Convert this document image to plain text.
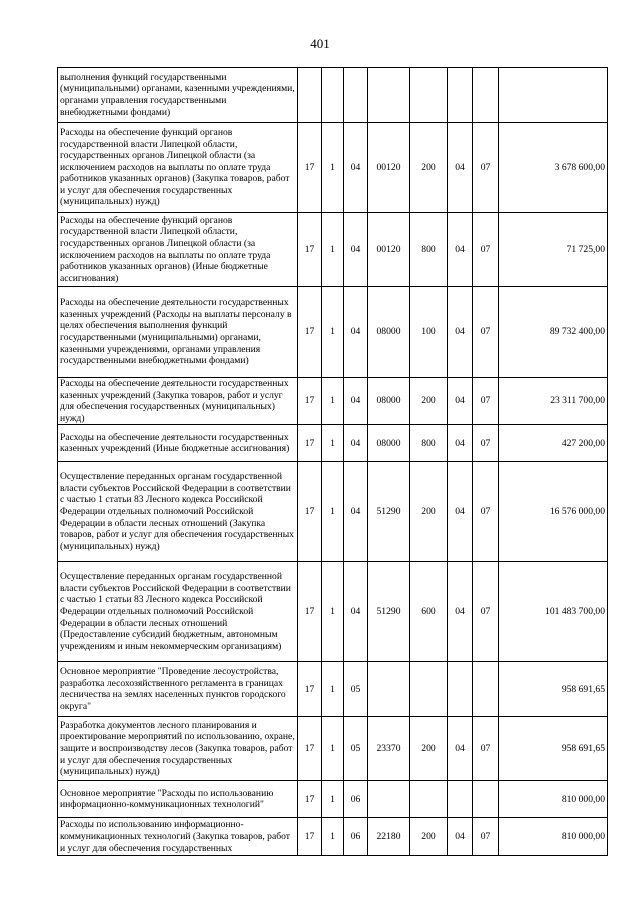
401
выполнения функций государственными (муниципальными) органами, казенными учреждениями, органами управления государственными внебюджетными фондами)								
Расходы на обеспечение функций органов государственной власти Липецкой области, государственных органов Липецкой области (за исключением расходов на выплаты по оплате труда работников указанных органов) (Закупка товаров, работ и услуг для обеспечения государственных (муниципальных) нужд)	17	1	04	00120	200	04	07	3 678 600,00
Расходы на обеспечение функций органов государственной власти Липецкой области, государственных органов Липецкой области (за исключением расходов на выплаты по оплате труда работников указанных органов) (Иные бюджетные ассигнования)	17	1	04	00120	800	04	07	71 725,00
Расходы на обеспечение деятельности государственных казенных учреждений (Расходы на выплаты персоналу в целях обеспечения выполнения функций государственными (муниципальными) органами, казенными учреждениями, органами управления государственными внебюджетными фондами)	17	1	04	08000	100	04	07	89 732 400,00
Расходы на обеспечение деятельности государственных казенных учреждений (Закупка товаров, работ и услуг для обеспечения государственных (муниципальных) нужд)	17	1	04	08000	200	04	07	23 311 700,00
Расходы на обеспечение деятельности государственных казенных учреждений (Иные бюджетные ассигнования)	17	1	04	08000	800	04	07	427 200,00
Осуществление переданных органам государственной власти субъектов Российской Федерации в соответствии с частью 1 статьи 83 Лесного кодекса Российской Федерации отдельных полномочий Российской Федерации в области лесных отношений (Закупка товаров, работ и услуг для обеспечения государственных (муниципальных) нужд)	17	1	04	51290	200	04	07	16 576 000,00
Осуществление переданных органам государственной власти субъектов Российской Федерации в соответствии с частью 1 статьи 83 Лесного кодекса Российской Федерации отдельных полномочий Российской Федерации в области лесных отношений (Предоставление субсидий бюджетным, автономным учреждениям и иным некоммерческим организациям)	17	1	04	51290	600	04	07	101 483 700,00
Основное мероприятие "Проведение лесоустройства, разработка лесохозяйственного регламента в границах лесничества на землях населенных пунктов городского округа"	17	1	05					958 691,65
Разработка документов лесного планирования и проектирование мероприятий по использованию, охране, защите и воспроизводству лесов (Закупка товаров, работ и услуг для обеспечения государственных (муниципальных) нужд)	17	1	05	23370	200	04	07	958 691,65
Основное мероприятие "Расходы по использованию информационно-коммуникационных технологий"	17	1	06					810 000,00
Расходы по использованию информационно-коммуникационных технологий (Закупка товаров, работ и услуг для обеспечения государственных	17	1	06	22180	200	04	07	810 000,00
